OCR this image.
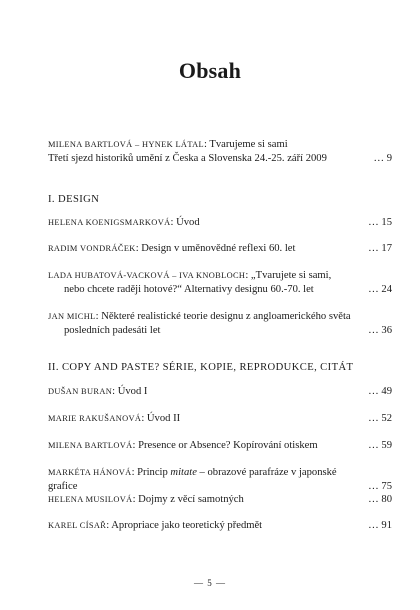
Obsah
MILENA BARTLOVÁ – HYNEK LÁTAL: Tvarujeme si sami
Třetí sjezd historiků umění z Česka a Slovenska 24.-25. září 2009	… 9
I. DESIGN
HELENA KOENIGSMARKOVÁ: Úvod	… 15
RADIM VONDRÁČEK: Design v uměnovědné reflexi 60. let	… 17
LADA HUBATOVÁ-VACKOVÁ – IVA KNOBLOCH: „Tvarujete si sami,
nebo chcete raději hotové?“ Alternativy designu 60.-70. let	… 24
JAN MICHL: Některé realistické teorie designu z angloamerického světa
posledních padesáti let	… 36
II. COPY AND PASTE? SÉRIE, KOPIE, REPRODUKCE, CITÁT
DUŠAN BURAN: Úvod I	… 49
MARIE RAKUŠANOVÁ: Úvod II	… 52
MILENA BARTLOVÁ: Presence or Absence? Kopírování otiskem	… 59
MARKÉTA HÁNOVÁ: Princip mitate – obrazové parafráze v japonské grafice	… 75
HELENA MUSILOVÁ: Dojmy z věcí samotných	… 80
KAREL CÍSAŘ: Apropriace jako teoretický předmět	… 91
— 5 —
